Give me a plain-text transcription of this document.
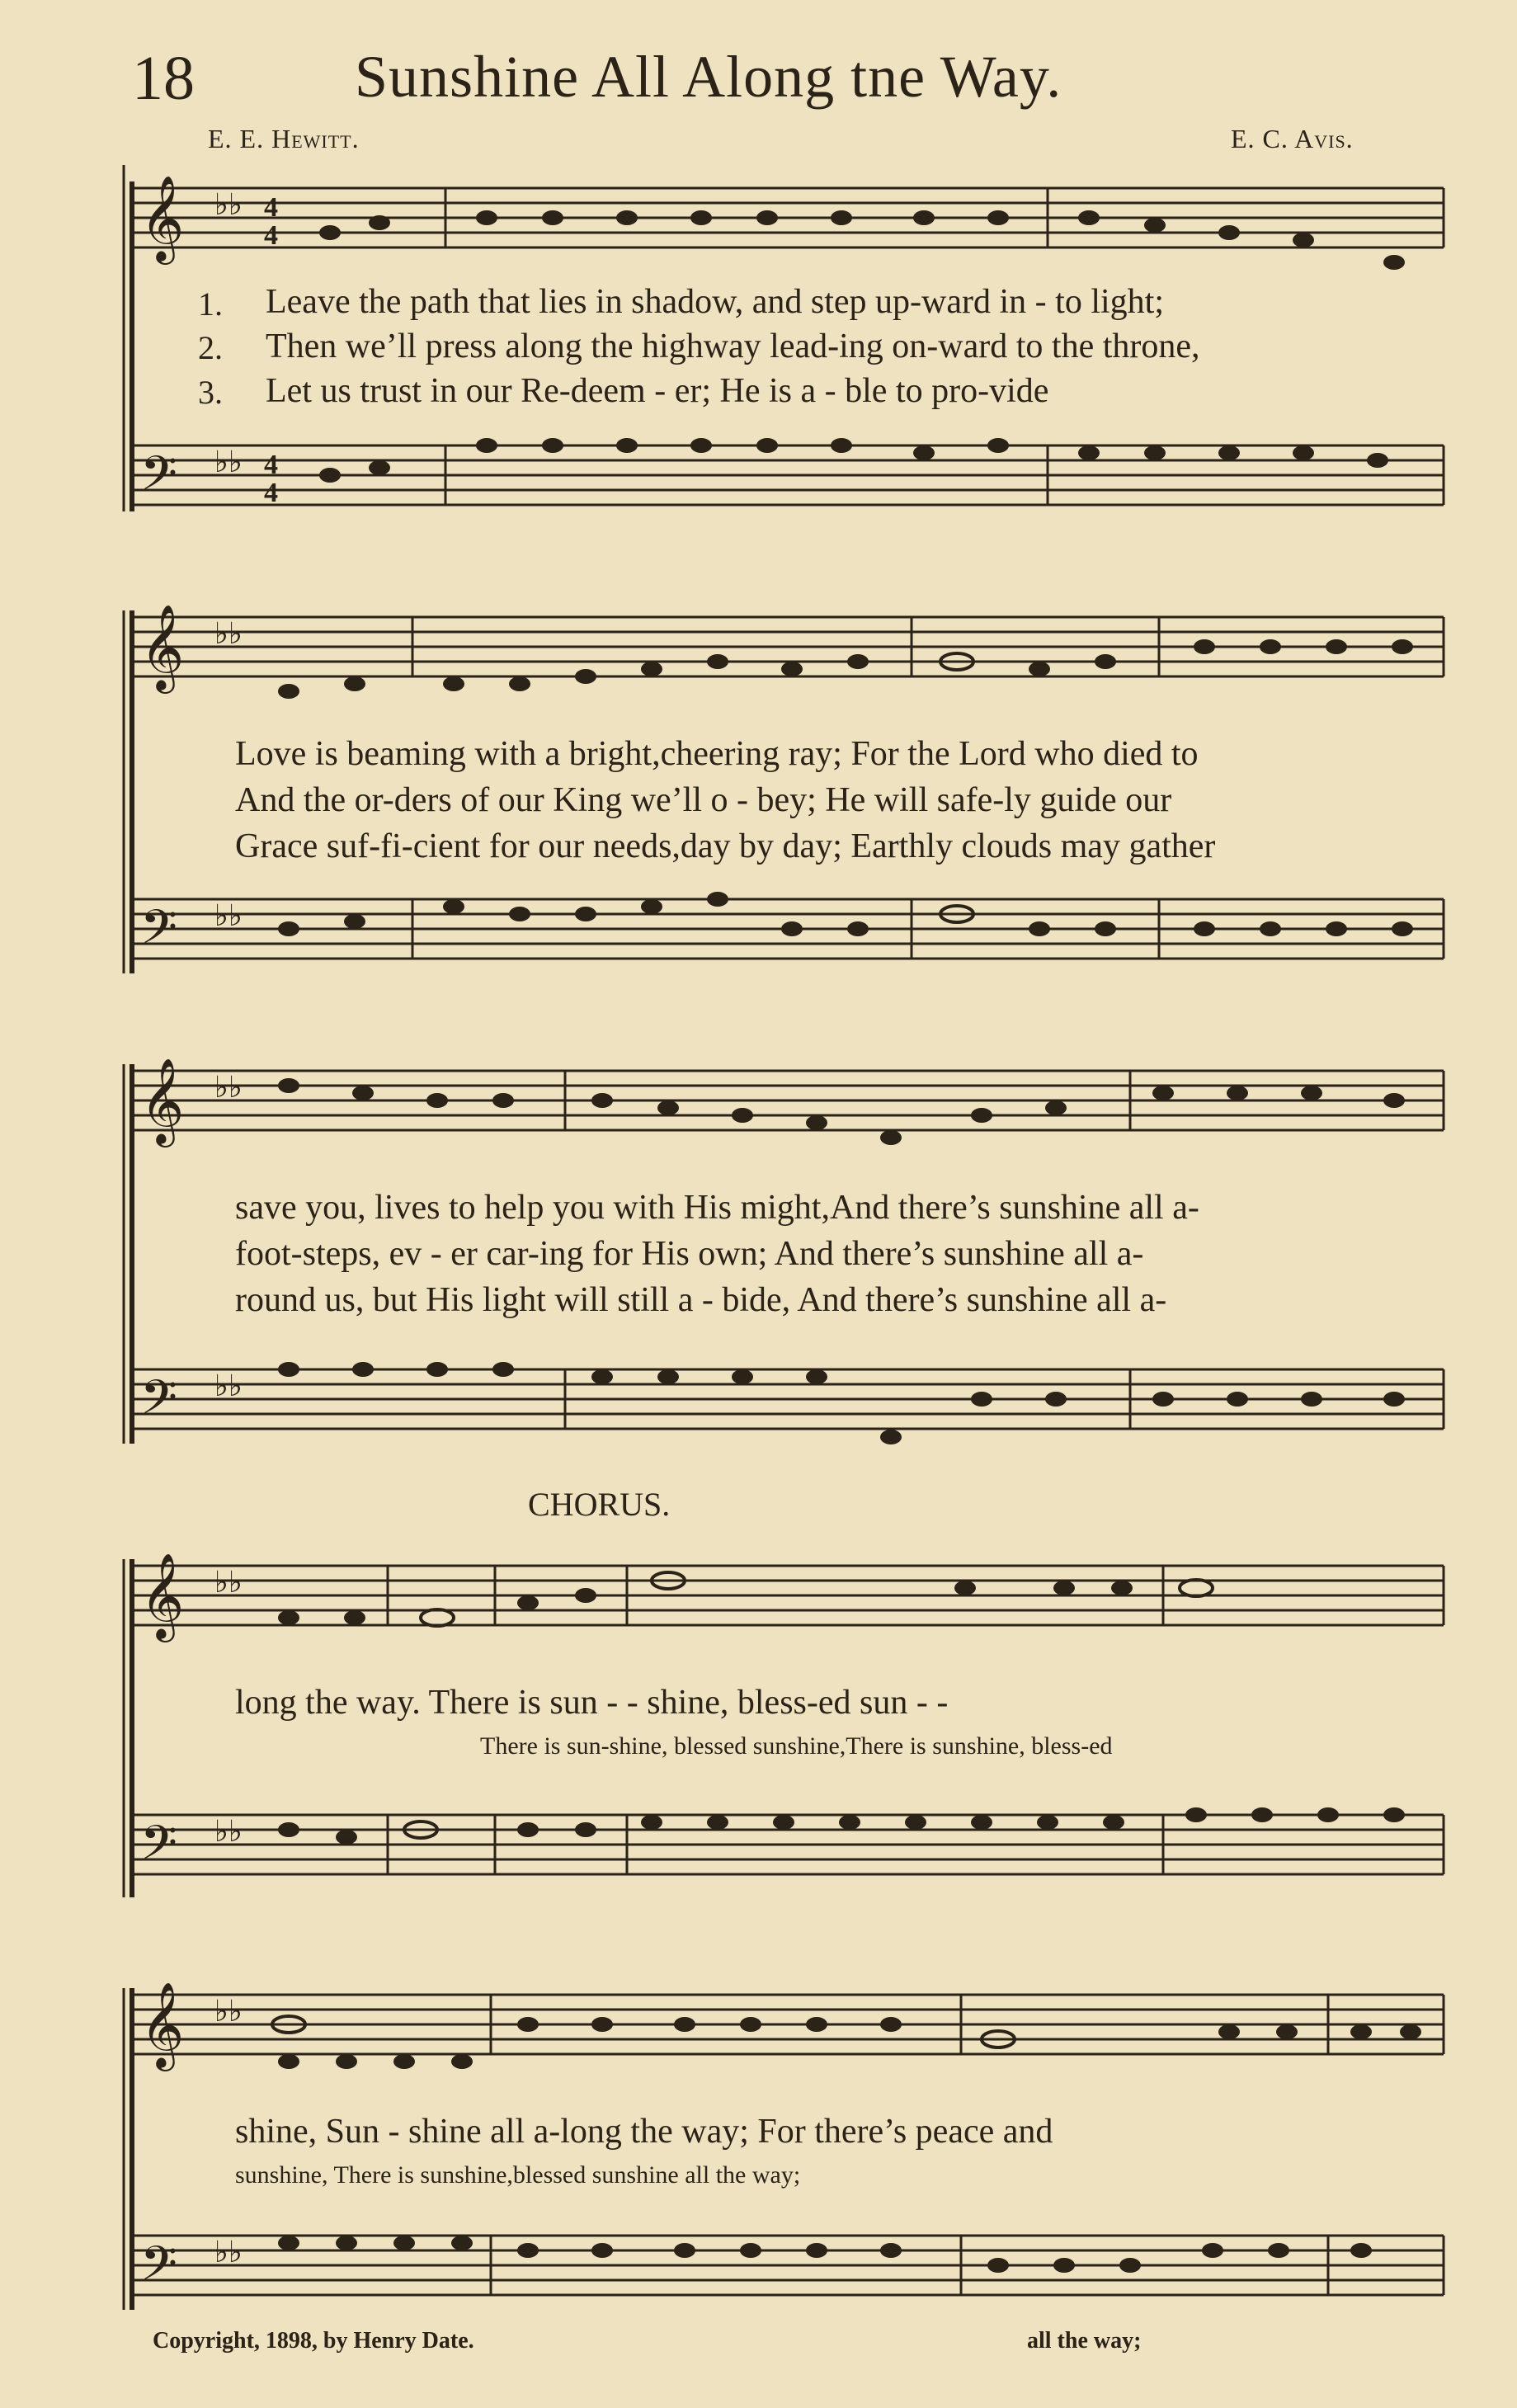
18	Sunshine All Along tne Way.
E. E. Hewitt.	E. C. Avis.
𝄞
𝄢
♭♭
♭♭
4
4
4
4
1. Leave the path that lies in shadow, and step up-ward in - to light;
2. Then we’ll press along the highway lead-ing on-ward to the throne,
3. Let us trust in our Re-deem - er; He is a - ble to pro-vide
𝄞
𝄢
♭♭
♭♭
Love is beaming with a bright,cheering ray; For the Lord who died to
And the or-ders of our King we’ll o - bey; He will safe-ly guide our
Grace suf-fi-cient for our needs,day by day; Earthly clouds may gather
𝄞
𝄢
♭♭
♭♭
save you, lives to help you with His might,And there’s sunshine all a-
foot-steps, ev - er car-ing for His own; And there’s sunshine all a-
round us, but His light will still a - bide, And there’s sunshine all a-
CHORUS.
𝄞
𝄢
♭♭
♭♭
long the way. There is sun - - shine, bless-ed sun - -
There is sun-shine, blessed sunshine,There is sunshine, bless-ed
𝄞
𝄢
♭♭
♭♭
shine, Sun - shine all a-long the way; For there’s peace and
sunshine, There is sunshine,blessed sunshine all the way;
Copyright, 1898, by Henry Date.	all the way;
